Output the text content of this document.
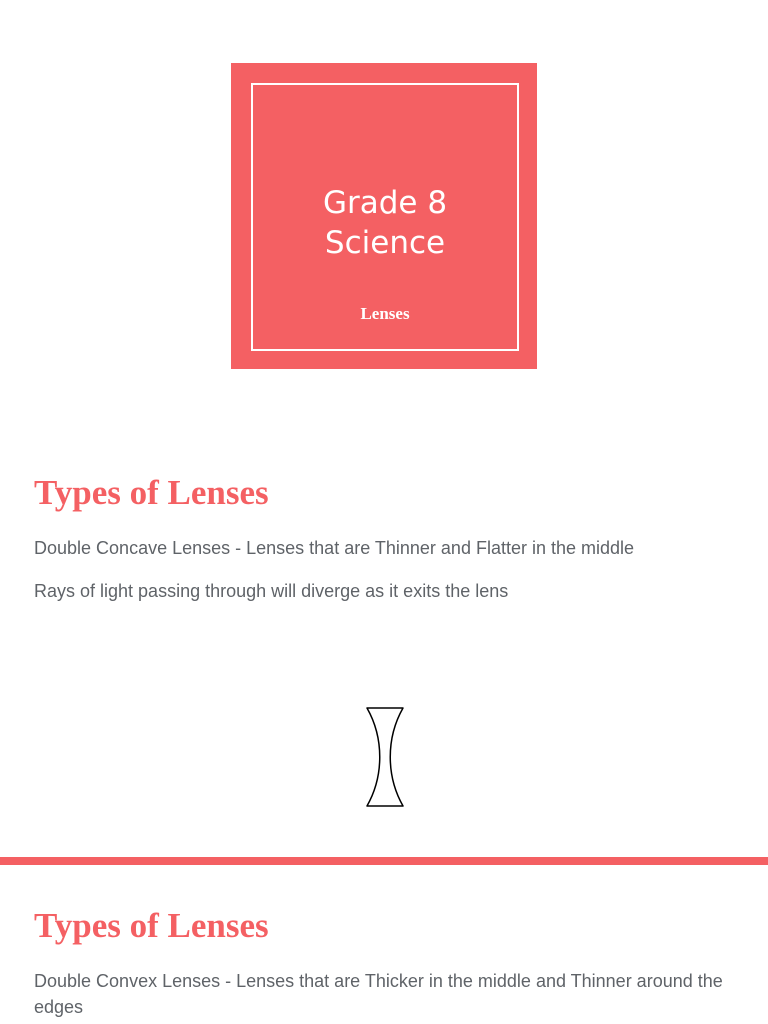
Grade 8
Science
Lenses
Types of Lenses

Double Concave Lenses - Lenses that are Thinner and Flatter in the middle

Rays of light passing through will diverge as it exits the lens

Types of Lenses

Double Convex Lenses - Lenses that are Thicker in the middle and Thinner around the edges
